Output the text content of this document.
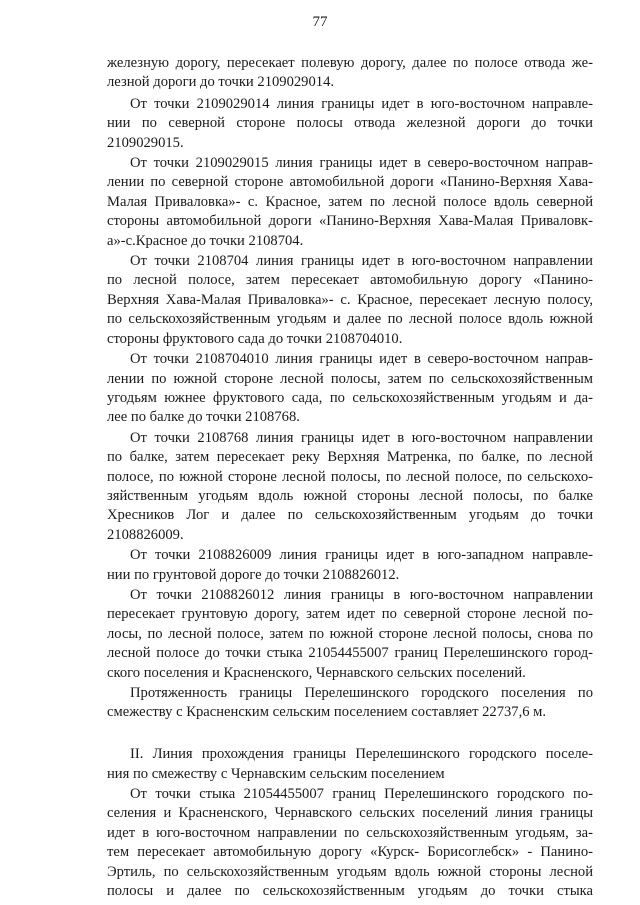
77
железную дорогу, пересекает полевую дорогу, далее по полосе отвода же-
лезной дороги до точки 2109029014.
От точки 2109029014 линия границы идет в юго-восточном направле-
нии по северной стороне полосы отвода железной дороги до точки
2109029015.
От точки 2109029015 линия границы идет в северо-восточном направ-
лении по северной стороне автомобильной дороги «Панино-Верхняя Хава-
Малая Приваловка»- с. Красное, затем по лесной полосе вдоль северной
стороны автомобильной дороги «Панино-Верхняя Хава-Малая Приваловк-
а»-с.Красное до точки 2108704.
От точки 2108704 линия границы идет в юго-восточном направлении
по лесной полосе, затем пересекает автомобильную дорогу «Панино-
Верхняя Хава-Малая Приваловка»- с. Красное, пересекает лесную полосу,
по сельскохозяйственным угодьям и далее по лесной полосе вдоль южной
стороны фруктового сада до точки 2108704010.
От точки 2108704010 линия границы идет в северо-восточном направ-
лении по южной стороне лесной полосы, затем по сельскохозяйственным
угодьям южнее фруктового сада, по сельскохозяйственным угодьям и да-
лее по балке до точки 2108768.
От точки 2108768 линия границы идет в юго-восточном направлении
по балке, затем пересекает реку Верхняя Матренка, по балке, по лесной
полосе, по южной стороне лесной полосы, по лесной полосе, по сельскохо-
зяйственным угодьям вдоль южной стороны лесной полосы, по балке
Хресников Лог и далее по сельскохозяйственным угодьям до точки
2108826009.
От точки 2108826009 линия границы идет в юго-западном направле-
нии по грунтовой дороге до точки 2108826012.
От точки 2108826012 линия границы в юго-восточном направлении
пересекает грунтовую дорогу, затем идет по северной стороне лесной по-
лосы, по лесной полосе, затем по южной стороне лесной полосы, снова по
лесной полосе до точки стыка 21054455007 границ Перелешинского город-
ского поселения и Красненского, Чернавского сельских поселений.
Протяженность границы Перелешинского городского поселения по
смежеству с Красненским сельским поселением составляет 22737,6 м.
II. Линия прохождения границы Перелешинского городского поселе-
ния по смежеству с Чернавским сельским поселением
От точки стыка 21054455007 границ Перелешинского городского по-
селения и Красненского, Чернавского сельских поселений линия границы
идет в юго-восточном направлении по сельскохозяйственным угодьям, за-
тем пересекает автомобильную дорогу «Курск- Борисоглебск» - Панино-
Эртиль, по сельскохозяйственным угодьям вдоль южной стороны лесной
полосы и далее по сельскохозяйственным угодьям до точки стыка
